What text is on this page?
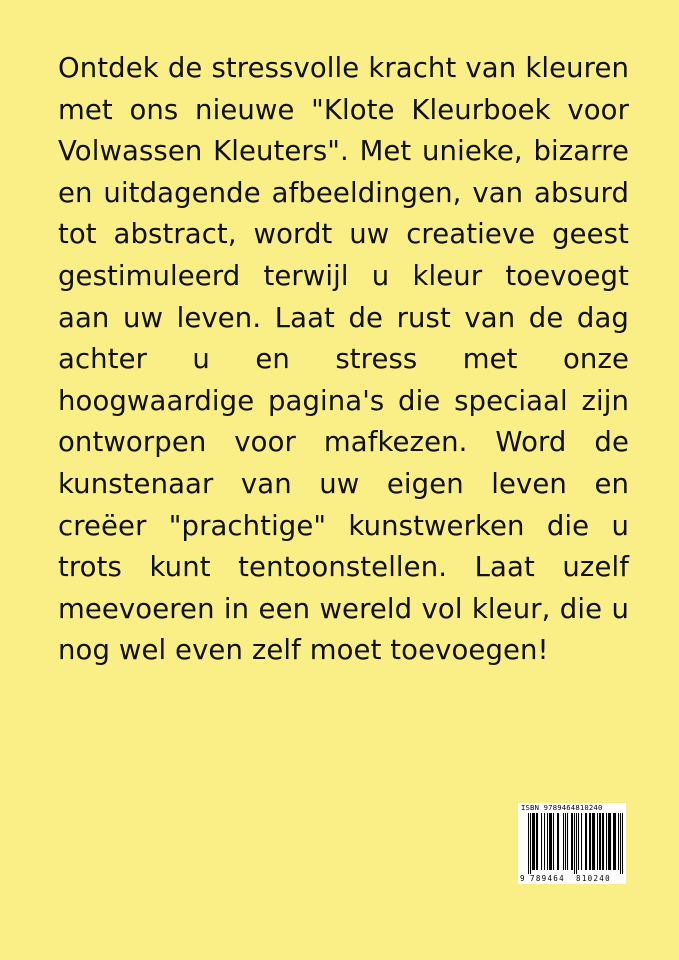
Ontdek de stressvolle kracht van kleuren met ons nieuwe "Klote Kleurboek voor Volwassen Kleuters". Met unieke, bizarre en uitdagende afbeeldingen, van absurd tot abstract, wordt uw creatieve geest gestimuleerd terwijl u kleur toevoegt aan uw leven. Laat de rust van de dag achter u en stress met onze hoogwaardige pagina's die speciaal zijn ontworpen voor mafkezen. Word de kunstenaar van uw eigen leven en creëer "prachtige" kunstwerken die u trots kunt tentoonstellen. Laat uzelf meevoeren in een wereld vol kleur, die u nog wel even zelf moet toevoegen!

ISBN 9789464810240
9 789464 810240
